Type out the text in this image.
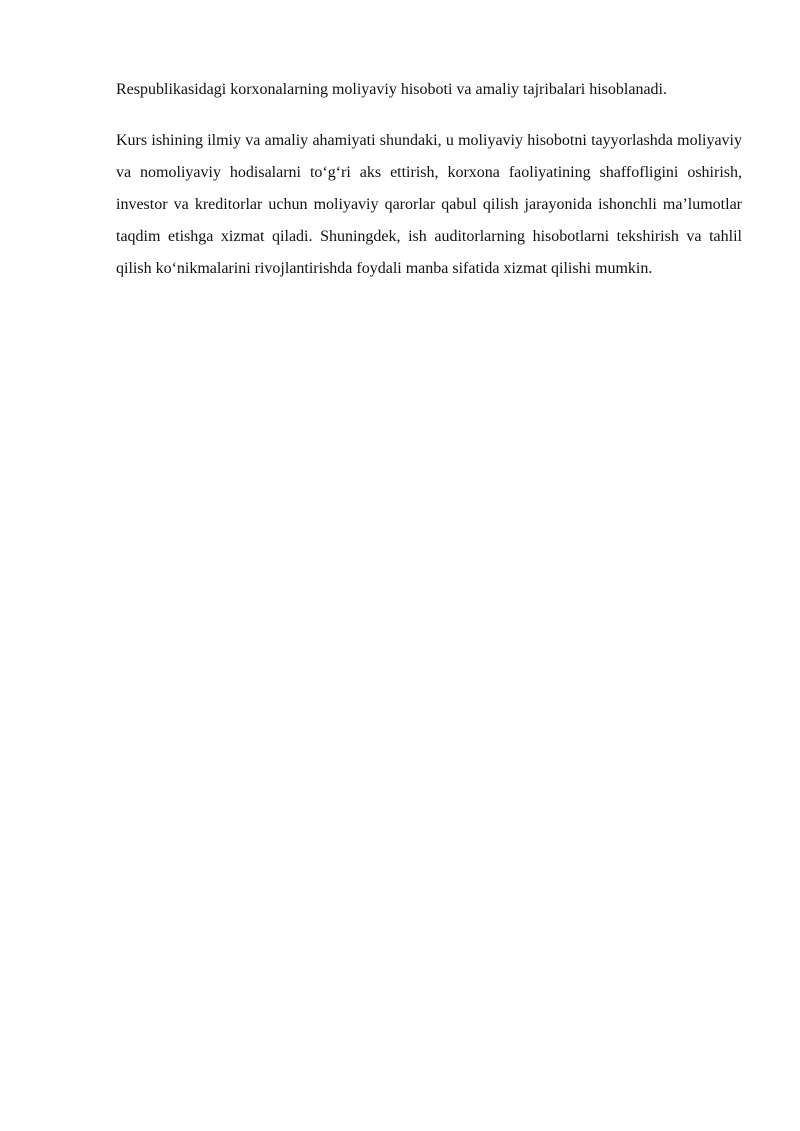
Respublikasidagi korxonalarning moliyaviy hisoboti va amaliy tajribalari hisoblanadi.

Kurs ishining ilmiy va amaliy ahamiyati shundaki, u moliyaviy hisobotni tayyorlashda moliyaviy va nomoliyaviy hodisalarni to‘g‘ri aks ettirish, korxona faoliyatining shaffofligini oshirish, investor va kreditorlar uchun moliyaviy qarorlar qabul qilish jarayonida ishonchli ma’lumotlar taqdim etishga xizmat qiladi. Shuningdek, ish auditorlarning hisobotlarni tekshirish va tahlil qilish ko‘nikmalarini rivojlantirishda foydali manba sifatida xizmat qilishi mumkin.
